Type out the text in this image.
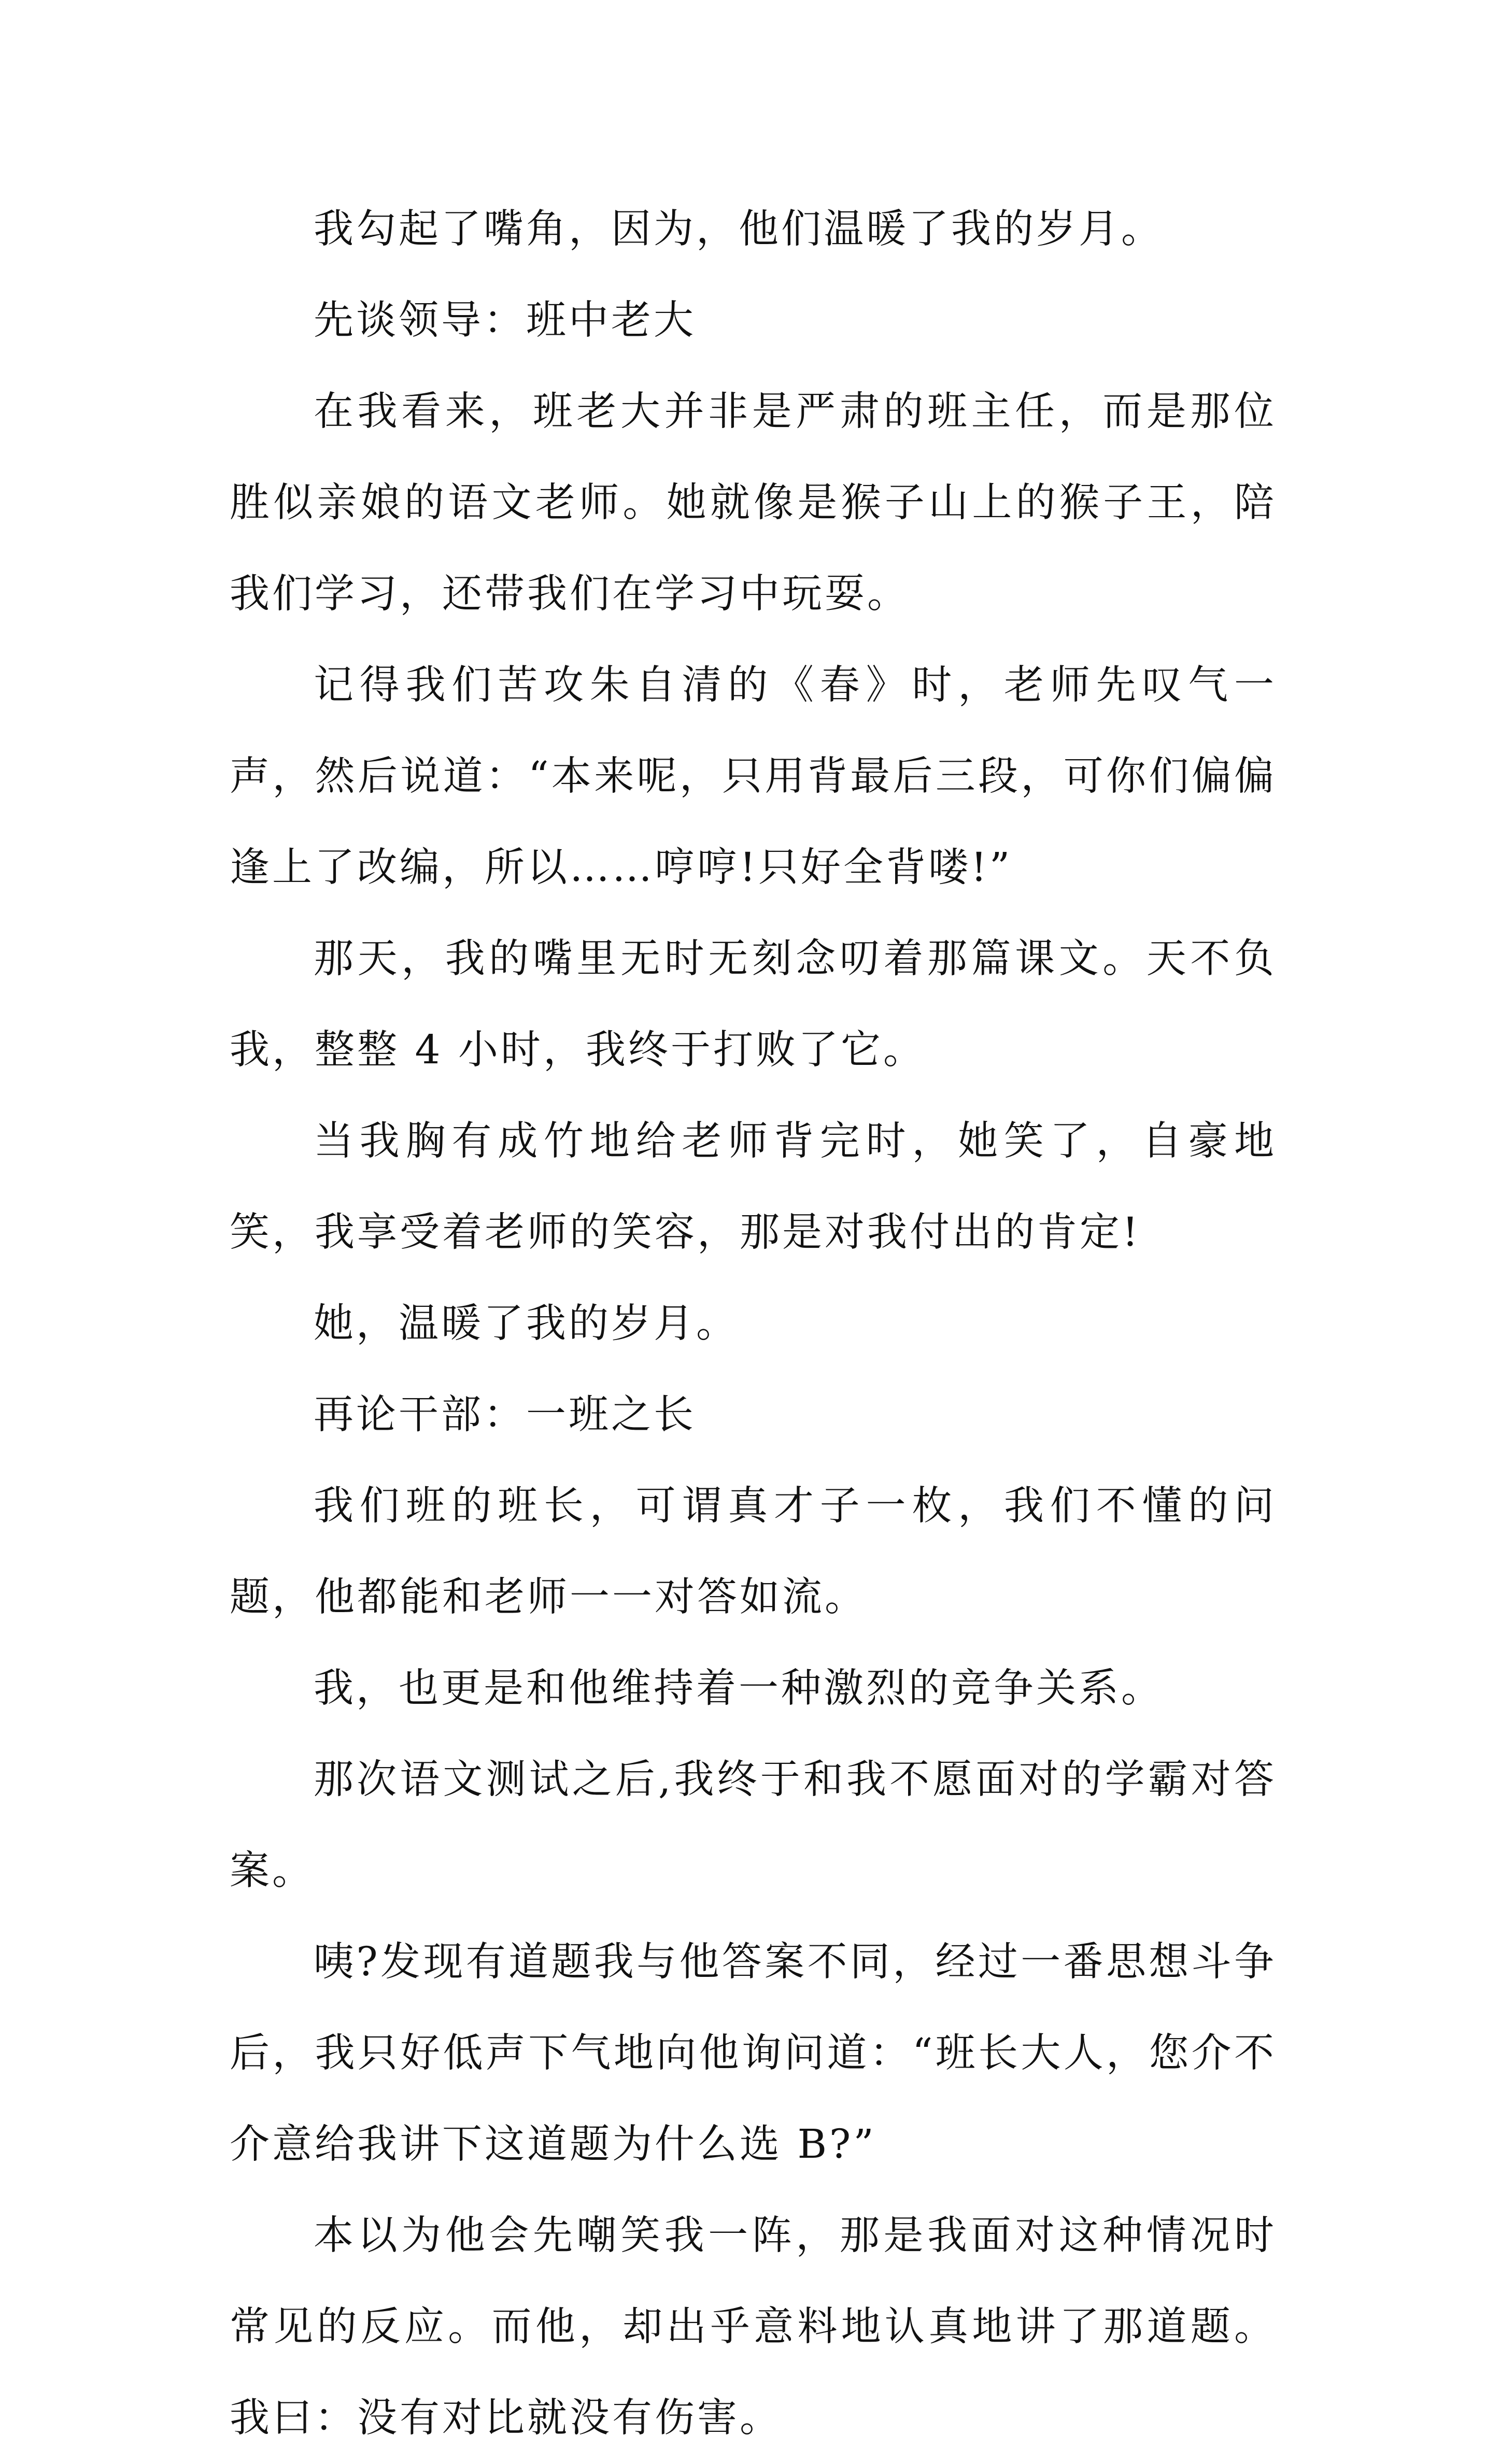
我勾起了嘴角，因为，他们温暖了我的岁月。

先谈领导：班中老大

在我看来，班老大并非是严肃的班主任，而是那位胜似亲娘的语文老师。她就像是猴子山上的猴子王，陪我们学习，还带我们在学习中玩耍。

记得我们苦攻朱自清的《春》时，老师先叹气一声，然后说道：“本来呢，只用背最后三段，可你们偏偏逢上了改编，所以……哼哼!只好全背喽!”

那天，我的嘴里无时无刻念叨着那篇课文。天不负我，整整 4 小时，我终于打败了它。

当我胸有成竹地给老师背完时，她笑了，自豪地笑，我享受着老师的笑容，那是对我付出的肯定!

她，温暖了我的岁月。

再论干部：一班之长

我们班的班长，可谓真才子一枚，我们不懂的问题，他都能和老师一一对答如流。

我，也更是和他维持着一种激烈的竞争关系。

那次语文测试之后,我终于和我不愿面对的学霸对答案。

咦?发现有道题我与他答案不同，经过一番思想斗争后，我只好低声下气地向他询问道：“班长大人，您介不介意给我讲下这道题为什么选 B?”

本以为他会先嘲笑我一阵，那是我面对这种情况时常见的反应。而他，却出乎意料地认真地讲了那道题。我曰：没有对比就没有伤害。
